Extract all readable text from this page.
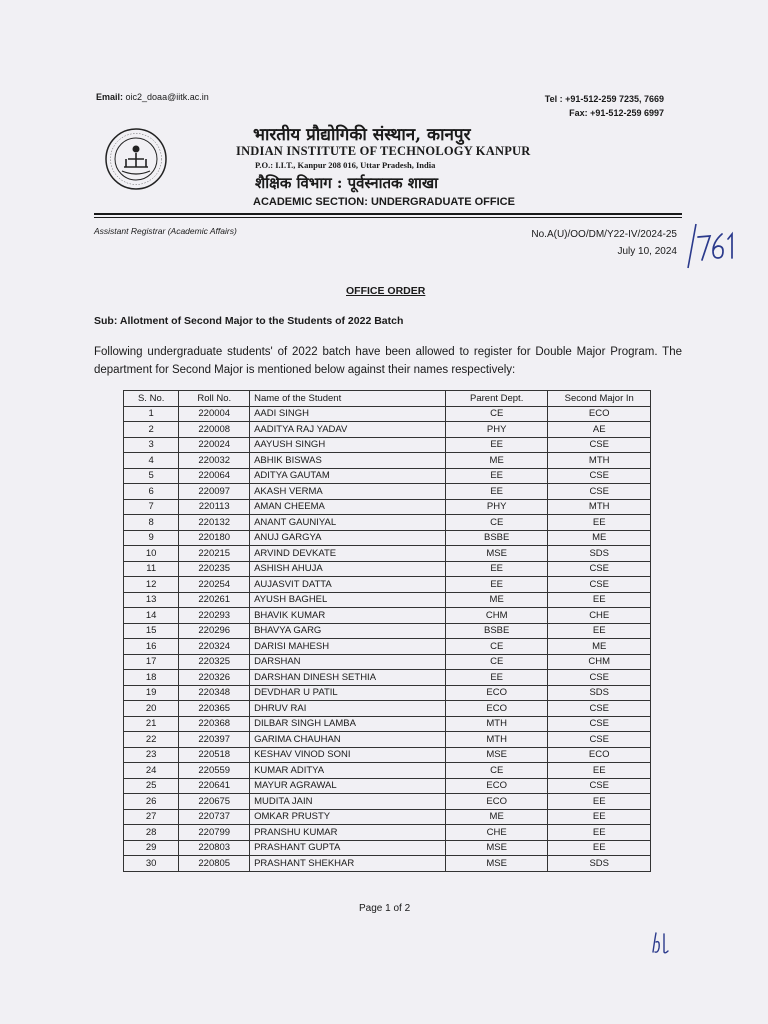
Email: oic2_doaa@iitk.ac.in	Tel : +91-512-259 7235, 7669
Fax: +91-512-259 6997
भारतीय प्रौद्योगिकी संस्थान, कानपुर
INDIAN INSTITUTE OF TECHNOLOGY KANPUR
P.O.: I.I.T., Kanpur 208 016, Uttar Pradesh, India
शैक्षिक विभाग : पूर्वस्नातक शाखा
ACADEMIC SECTION: UNDERGRADUATE OFFICE
Assistant Registrar (Academic Affairs)	No.A(U)/OO/DM/Y22-IV/2024-25
July 10, 2024
OFFICE ORDER
Sub: Allotment of Second Major to the Students of 2022 Batch
Following undergraduate students' of 2022 batch have been allowed to register for Double Major Program. The department for Second Major is mentioned below against their names respectively:
S. No.	Roll No.	Name of the Student	Parent Dept.	Second Major In
1	220004	AADI SINGH	CE	ECO
2	220008	AADITYA RAJ YADAV	PHY	AE
3	220024	AAYUSH SINGH	EE	CSE
4	220032	ABHIK BISWAS	ME	MTH
5	220064	ADITYA GAUTAM	EE	CSE
6	220097	AKASH VERMA	EE	CSE
7	220113	AMAN CHEEMA	PHY	MTH
8	220132	ANANT GAUNIYAL	CE	EE
9	220180	ANUJ GARGYA	BSBE	ME
10	220215	ARVIND DEVKATE	MSE	SDS
11	220235	ASHISH AHUJA	EE	CSE
12	220254	AUJASVIT DATTA	EE	CSE
13	220261	AYUSH BAGHEL	ME	EE
14	220293	BHAVIK KUMAR	CHM	CHE
15	220296	BHAVYA GARG	BSBE	EE
16	220324	DARISI MAHESH	CE	ME
17	220325	DARSHAN	CE	CHM
18	220326	DARSHAN DINESH SETHIA	EE	CSE
19	220348	DEVDHAR U PATIL	ECO	SDS
20	220365	DHRUV RAI	ECO	CSE
21	220368	DILBAR SINGH LAMBA	MTH	CSE
22	220397	GARIMA CHAUHAN	MTH	CSE
23	220518	KESHAV VINOD SONI	MSE	ECO
24	220559	KUMAR ADITYA	CE	EE
25	220641	MAYUR AGRAWAL	ECO	CSE
26	220675	MUDITA JAIN	ECO	EE
27	220737	OMKAR PRUSTY	ME	EE
28	220799	PRANSHU KUMAR	CHE	EE
29	220803	PRASHANT GUPTA	MSE	EE
30	220805	PRASHANT SHEKHAR	MSE	SDS
Page 1 of 2
